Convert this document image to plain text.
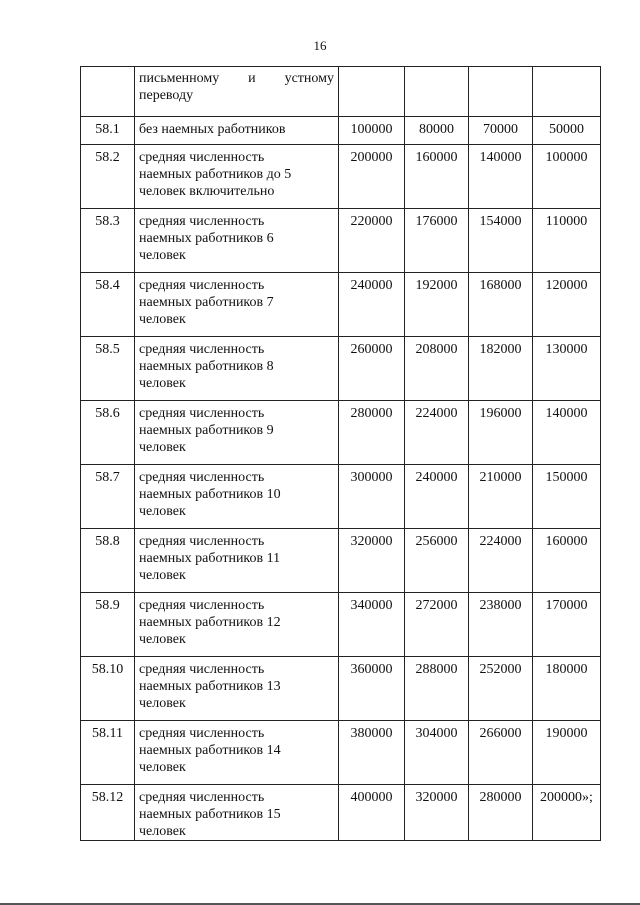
16

	письменному и устному
переводу				

58.1	без наемных работников	100000	80000	70000	50000
58.2	средняя численность
наемных работников до 5
человек включительно	200000	160000	140000	100000
58.3	средняя численность
наемных работников 6
человек	220000	176000	154000	110000
58.4	средняя численность
наемных работников 7
человек	240000	192000	168000	120000
58.5	средняя численность
наемных работников 8
человек	260000	208000	182000	130000
58.6	средняя численность
наемных работников 9
человек	280000	224000	196000	140000
58.7	средняя численность
наемных работников 10
человек	300000	240000	210000	150000
58.8	средняя численность
наемных работников 11
человек	320000	256000	224000	160000
58.9	средняя численность
наемных работников 12
человек	340000	272000	238000	170000
58.10	средняя численность
наемных работников 13
человек	360000	288000	252000	180000
58.11	средняя численность
наемных работников 14
человек	380000	304000	266000	190000
58.12	средняя численность
наемных работников 15
человек	400000	320000	280000	200000»;
